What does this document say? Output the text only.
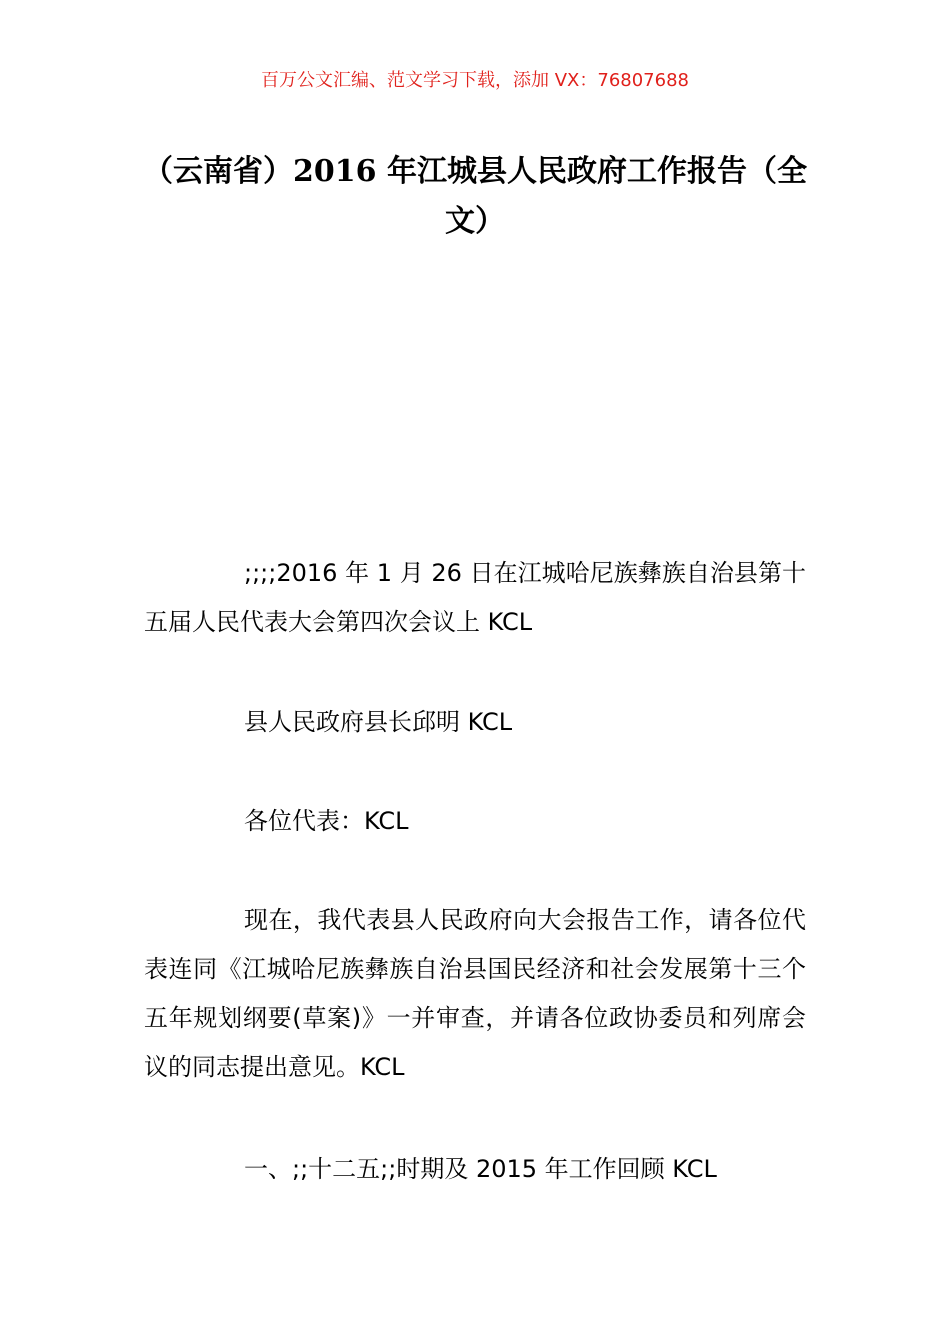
百万公文汇编、范文学习下载，添加 VX：76807688
（云南省）2016 年江城县人民政府工作报告（全文）

;;;;2016 年 1 月 26 日在江城哈尼族彝族自治县第十五届人民代表大会第四次会议上 KCL

县人民政府县长邱明 KCL

各位代表：KCL

现在，我代表县人民政府向大会报告工作，请各位代表连同《江城哈尼族彝族自治县国民经济和社会发展第十三个五年规划纲要(草案)》一并审查，并请各位政协委员和列席会议的同志提出意见。KCL

一、;;十二五;;时期及 2015 年工作回顾 KCL
